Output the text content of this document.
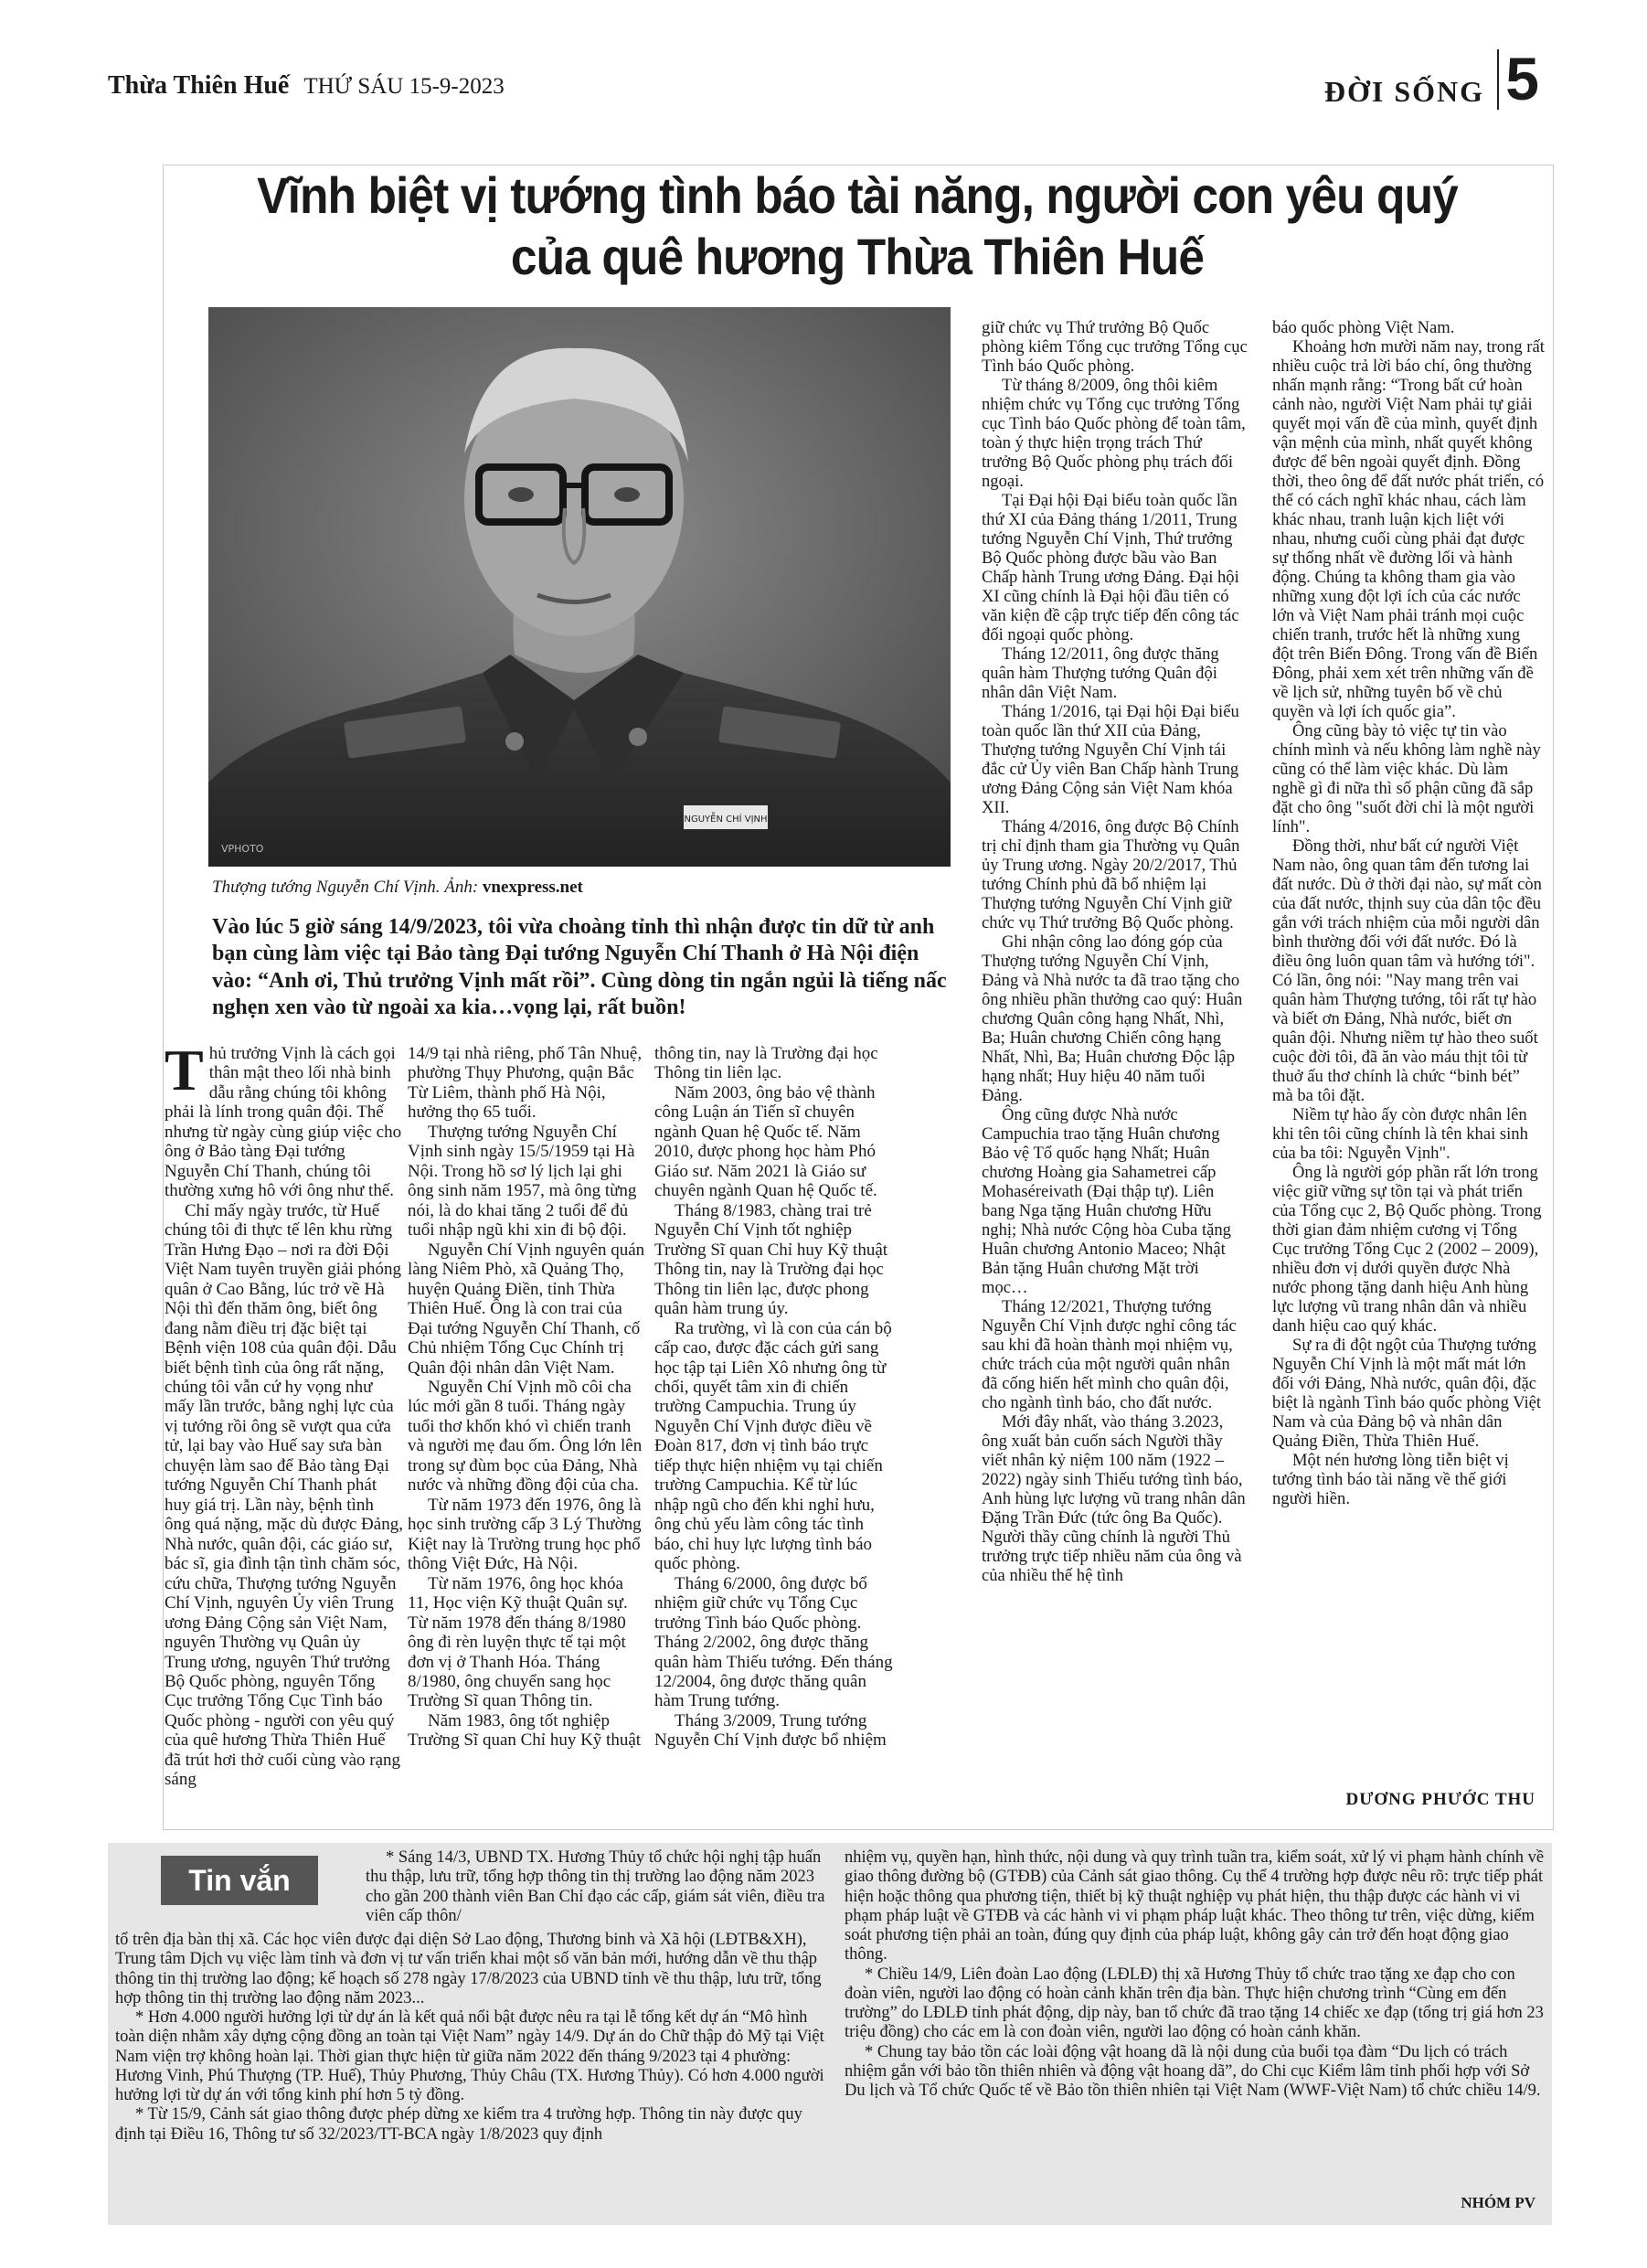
Thừa Thiên Huế THỨ SÁU 15-9-2023	ĐỜI SỐNG 5
Vĩnh biệt vị tướng tình báo tài năng, người con yêu quý của quê hương Thừa Thiên Huế
NGUYỄN CHÍ VỊNH
VPHOTO
Thượng tướng Nguyễn Chí Vịnh. Ảnh: vnexpress.net
Vào lúc 5 giờ sáng 14/9/2023, tôi vừa choàng tỉnh thì nhận được tin dữ từ anh bạn cùng làm việc tại Bảo tàng Đại tướng Nguyễn Chí Thanh ở Hà Nội điện vào: “Anh ơi, Thủ trưởng Vịnh mất rồi”. Cùng dòng tin ngắn ngủi là tiếng nấc nghẹn xen vào từ ngoài xa kia…vọng lại, rất buồn!

Thủ trưởng Vịnh là cách gọi thân mật theo lối nhà binh dẫu rằng chúng tôi không phải là lính trong quân đội. Thế nhưng từ ngày cùng giúp việc cho ông ở Bảo tàng Đại tướng Nguyễn Chí Thanh, chúng tôi thường xưng hô với ông như thế.

Chỉ mấy ngày trước, từ Huế chúng tôi đi thực tế lên khu rừng Trần Hưng Đạo – nơi ra đời Đội Việt Nam tuyên truyền giải phóng quân ở Cao Bằng, lúc trở về Hà Nội thì đến thăm ông, biết ông đang nằm điều trị đặc biệt tại Bệnh viện 108 của quân đội. Dẫu biết bệnh tình của ông rất nặng, chúng tôi vẫn cứ hy vọng như mấy lần trước, bằng nghị lực của vị tướng rồi ông sẽ vượt qua cửa tử, lại bay vào Huế say sưa bàn chuyện làm sao để Bảo tàng Đại tướng Nguyễn Chí Thanh phát huy giá trị. Lần này, bệnh tình ông quá nặng, mặc dù được Đảng, Nhà nước, quân đội, các giáo sư, bác sĩ, gia đình tận tình chăm sóc, cứu chữa, Thượng tướng Nguyễn Chí Vịnh, nguyên Ủy viên Trung ương Đảng Cộng sản Việt Nam, nguyên Thường vụ Quân ủy Trung ương, nguyên Thứ trưởng Bộ Quốc phòng, nguyên Tổng Cục trưởng Tổng Cục Tình báo Quốc phòng - người con yêu quý của quê hương Thừa Thiên Huế đã trút hơi thở cuối cùng vào rạng sáng

14/9 tại nhà riêng, phố Tân Nhuệ, phường Thụy Phương, quận Bắc Từ Liêm, thành phố Hà Nội, hưởng thọ 65 tuổi.

Thượng tướng Nguyễn Chí Vịnh sinh ngày 15/5/1959 tại Hà Nội. Trong hồ sơ lý lịch lại ghi ông sinh năm 1957, mà ông từng nói, là do khai tăng 2 tuổi để đủ tuổi nhập ngũ khi xin đi bộ đội.

Nguyễn Chí Vịnh nguyên quán làng Niêm Phò, xã Quảng Thọ, huyện Quảng Điền, tỉnh Thừa Thiên Huế. Ông là con trai của Đại tướng Nguyễn Chí Thanh, cố Chủ nhiệm Tổng Cục Chính trị Quân đội nhân dân Việt Nam.

Nguyễn Chí Vịnh mồ côi cha lúc mới gần 8 tuổi. Tháng ngày tuổi thơ khốn khó vì chiến tranh và người mẹ đau ốm. Ông lớn lên trong sự đùm bọc của Đảng, Nhà nước và những đồng đội của cha.

Từ năm 1973 đến 1976, ông là học sinh trường cấp 3 Lý Thường Kiệt nay là Trường trung học phổ thông Việt Đức, Hà Nội.

Từ năm 1976, ông học khóa 11, Học viện Kỹ thuật Quân sự. Từ năm 1978 đến tháng 8/1980 ông đi rèn luyện thực tế tại một đơn vị ở Thanh Hóa. Tháng 8/1980, ông chuyển sang học Trường Sĩ quan Thông tin.

Năm 1983, ông tốt nghiệp Trường Sĩ quan Chỉ huy Kỹ thuật

thông tin, nay là Trường đại học Thông tin liên lạc.

Năm 2003, ông bảo vệ thành công Luận án Tiến sĩ chuyên ngành Quan hệ Quốc tế. Năm 2010, được phong học hàm Phó Giáo sư. Năm 2021 là Giáo sư chuyên ngành Quan hệ Quốc tế.

Tháng 8/1983, chàng trai trẻ Nguyễn Chí Vịnh tốt nghiệp Trường Sĩ quan Chỉ huy Kỹ thuật Thông tin, nay là Trường đại học Thông tin liên lạc, được phong quân hàm trung úy.

Ra trường, vì là con của cán bộ cấp cao, được đặc cách gửi sang học tập tại Liên Xô nhưng ông từ chối, quyết tâm xin đi chiến trường Campuchia. Trung úy Nguyễn Chí Vịnh được điều về Đoàn 817, đơn vị tình báo trực tiếp thực hiện nhiệm vụ tại chiến trường Campuchia. Kể từ lúc nhập ngũ cho đến khi nghỉ hưu, ông chủ yếu làm công tác tình báo, chỉ huy lực lượng tình báo quốc phòng.

Tháng 6/2000, ông được bổ nhiệm giữ chức vụ Tổng Cục trưởng Tình báo Quốc phòng. Tháng 2/2002, ông được thăng quân hàm Thiếu tướng. Đến tháng 12/2004, ông được thăng quân hàm Trung tướng.

Tháng 3/2009, Trung tướng Nguyễn Chí Vịnh được bổ nhiệm

giữ chức vụ Thứ trưởng Bộ Quốc phòng kiêm Tổng cục trưởng Tổng cục Tình báo Quốc phòng.

Từ tháng 8/2009, ông thôi kiêm nhiệm chức vụ Tổng cục trưởng Tổng cục Tình báo Quốc phòng để toàn tâm, toàn ý thực hiện trọng trách Thứ trưởng Bộ Quốc phòng phụ trách đối ngoại.

Tại Đại hội Đại biểu toàn quốc lần thứ XI của Đảng tháng 1/2011, Trung tướng Nguyễn Chí Vịnh, Thứ trưởng Bộ Quốc phòng được bầu vào Ban Chấp hành Trung ương Đảng. Đại hội XI cũng chính là Đại hội đầu tiên có văn kiện đề cập trực tiếp đến công tác đối ngoại quốc phòng.

Tháng 12/2011, ông được thăng quân hàm Thượng tướng Quân đội nhân dân Việt Nam.

Tháng 1/2016, tại Đại hội Đại biểu toàn quốc lần thứ XII của Đảng, Thượng tướng Nguyễn Chí Vịnh tái đắc cử Ủy viên Ban Chấp hành Trung ương Đảng Cộng sản Việt Nam khóa XII.

Tháng 4/2016, ông được Bộ Chính trị chỉ định tham gia Thường vụ Quân ủy Trung ương. Ngày 20/2/2017, Thủ tướng Chính phủ đã bổ nhiệm lại Thượng tướng Nguyễn Chí Vịnh giữ chức vụ Thứ trưởng Bộ Quốc phòng.

Ghi nhận công lao đóng góp của Thượng tướng Nguyễn Chí Vịnh, Đảng và Nhà nước ta đã trao tặng cho ông nhiều phần thưởng cao quý: Huân chương Quân công hạng Nhất, Nhì, Ba; Huân chương Chiến công hạng Nhất, Nhì, Ba; Huân chương Độc lập hạng nhất; Huy hiệu 40 năm tuổi Đảng.

Ông cũng được Nhà nước Campuchia trao tặng Huân chương Bảo vệ Tổ quốc hạng Nhất; Huân chương Hoàng gia Sahametrei cấp Mohaséreivath (Đại thập tự). Liên bang Nga tặng Huân chương Hữu nghị; Nhà nước Cộng hòa Cuba tặng Huân chương Antonio Maceo; Nhật Bản tặng Huân chương Mặt trời mọc…

Tháng 12/2021, Thượng tướng Nguyễn Chí Vịnh được nghỉ công tác sau khi đã hoàn thành mọi nhiệm vụ, chức trách của một người quân nhân đã cống hiến hết mình cho quân đội, cho ngành tình báo, cho đất nước.

Mới đây nhất, vào tháng 3.2023, ông xuất bản cuốn sách Người thầy viết nhân kỷ niệm 100 năm (1922 – 2022) ngày sinh Thiếu tướng tình báo, Anh hùng lực lượng vũ trang nhân dân Đặng Trần Đức (tức ông Ba Quốc). Người thầy cũng chính là người Thủ trưởng trực tiếp nhiều năm của ông và của nhiều thế hệ tình

báo quốc phòng Việt Nam.

Khoảng hơn mười năm nay, trong rất nhiều cuộc trả lời báo chí, ông thường nhấn mạnh rằng: “Trong bất cứ hoàn cảnh nào, người Việt Nam phải tự giải quyết mọi vấn đề của mình, quyết định vận mệnh của mình, nhất quyết không được để bên ngoài quyết định. Đồng thời, theo ông để đất nước phát triển, có thể có cách nghĩ khác nhau, cách làm khác nhau, tranh luận kịch liệt với nhau, nhưng cuối cùng phải đạt được sự thống nhất về đường lối và hành động. Chúng ta không tham gia vào những xung đột lợi ích của các nước lớn và Việt Nam phải tránh mọi cuộc chiến tranh, trước hết là những xung đột trên Biển Đông. Trong vấn đề Biển Đông, phải xem xét trên những vấn đề về lịch sử, những tuyên bố về chủ quyền và lợi ích quốc gia”.

Ông cũng bày tỏ việc tự tin vào chính mình và nếu không làm nghề này cũng có thể làm việc khác. Dù làm nghề gì đi nữa thì số phận cũng đã sắp đặt cho ông "suốt đời chỉ là một người lính".

Đồng thời, như bất cứ người Việt Nam nào, ông quan tâm đến tương lai đất nước. Dù ở thời đại nào, sự mất còn của đất nước, thịnh suy của dân tộc đều gắn với trách nhiệm của mỗi người dân bình thường đối với đất nước. Đó là điều ông luôn quan tâm và hướng tới". Có lần, ông nói: "Nay mang trên vai quân hàm Thượng tướng, tôi rất tự hào và biết ơn Đảng, Nhà nước, biết ơn quân đội. Nhưng niềm tự hào theo suốt cuộc đời tôi, đã ăn vào máu thịt tôi từ thuở ấu thơ chính là chức “binh bét” mà ba tôi đặt.

Niềm tự hào ấy còn được nhân lên khi tên tôi cũng chính là tên khai sinh của ba tôi: Nguyễn Vịnh".

Ông là người góp phần rất lớn trong việc giữ vững sự tồn tại và phát triển của Tổng cục 2, Bộ Quốc phòng. Trong thời gian đảm nhiệm cương vị Tổng Cục trưởng Tổng Cục 2 (2002 – 2009), nhiều đơn vị dưới quyền được Nhà nước phong tặng danh hiệu Anh hùng lực lượng vũ trang nhân dân và nhiều danh hiệu cao quý khác.

Sự ra đi đột ngột của Thượng tướng Nguyễn Chí Vịnh là một mất mát lớn đối với Đảng, Nhà nước, quân đội, đặc biệt là ngành Tình báo quốc phòng Việt Nam và của Đảng bộ và nhân dân Quảng Điền, Thừa Thiên Huế.

Một nén hương lòng tiễn biệt vị tướng tình báo tài năng về thế giới người hiền.

DƯƠNG PHƯỚC THU
Tin vắn

* Sáng 14/3, UBND TX. Hương Thủy tổ chức hội nghị tập huấn thu thập, lưu trữ, tổng hợp thông tin thị trường lao động năm 2023 cho gần 200 thành viên Ban Chỉ đạo các cấp, giám sát viên, điều tra viên cấp thôn/

tổ trên địa bàn thị xã. Các học viên được đại diện Sở Lao động, Thương binh và Xã hội (LĐTB&XH), Trung tâm Dịch vụ việc làm tỉnh và đơn vị tư vấn triển khai một số văn bản mới, hướng dẫn về thu thập thông tin thị trường lao động; kế hoạch số 278 ngày 17/8/2023 của UBND tỉnh về thu thập, lưu trữ, tổng hợp thông tin thị trường lao động năm 2023...

* Hơn 4.000 người hưởng lợi từ dự án là kết quả nổi bật được nêu ra tại lễ tổng kết dự án “Mô hình toàn diện nhằm xây dựng cộng đồng an toàn tại Việt Nam” ngày 14/9. Dự án do Chữ thập đỏ Mỹ tại Việt Nam viện trợ không hoàn lại. Thời gian thực hiện từ giữa năm 2022 đến tháng 9/2023 tại 4 phường: Hương Vinh, Phú Thượng (TP. Huế), Thủy Phương, Thủy Châu (TX. Hương Thủy). Có hơn 4.000 người hưởng lợi từ dự án với tổng kinh phí hơn 5 tỷ đồng.

* Từ 15/9, Cảnh sát giao thông được phép dừng xe kiểm tra 4 trường hợp. Thông tin này được quy định tại Điều 16, Thông tư số 32/2023/TT-BCA ngày 1/8/2023 quy định

nhiệm vụ, quyền hạn, hình thức, nội dung và quy trình tuần tra, kiểm soát, xử lý vi phạm hành chính về giao thông đường bộ (GTĐB) của Cảnh sát giao thông. Cụ thể 4 trường hợp được nêu rõ: trực tiếp phát hiện hoặc thông qua phương tiện, thiết bị kỹ thuật nghiệp vụ phát hiện, thu thập được các hành vi vi phạm pháp luật về GTĐB và các hành vi vi phạm pháp luật khác. Theo thông tư trên, việc dừng, kiểm soát phương tiện phải an toàn, đúng quy định của pháp luật, không gây cản trở đến hoạt động giao thông.

* Chiều 14/9, Liên đoàn Lao động (LĐLĐ) thị xã Hương Thủy tổ chức trao tặng xe đạp cho con đoàn viên, người lao động có hoàn cảnh khăn trên địa bàn. Thực hiện chương trình “Cùng em đến trường” do LĐLĐ tỉnh phát động, dịp này, ban tổ chức đã trao tặng 14 chiếc xe đạp (tổng trị giá hơn 23 triệu đồng) cho các em là con đoàn viên, người lao động có hoàn cảnh khăn.

* Chung tay bảo tồn các loài động vật hoang dã là nội dung của buổi tọa đàm “Du lịch có trách nhiệm gắn với bảo tồn thiên nhiên và động vật hoang dã”, do Chi cục Kiểm lâm tỉnh phối hợp với Sở Du lịch và Tổ chức Quốc tế về Bảo tồn thiên nhiên tại Việt Nam (WWF-Việt Nam) tổ chức chiều 14/9.

NHÓM PV
